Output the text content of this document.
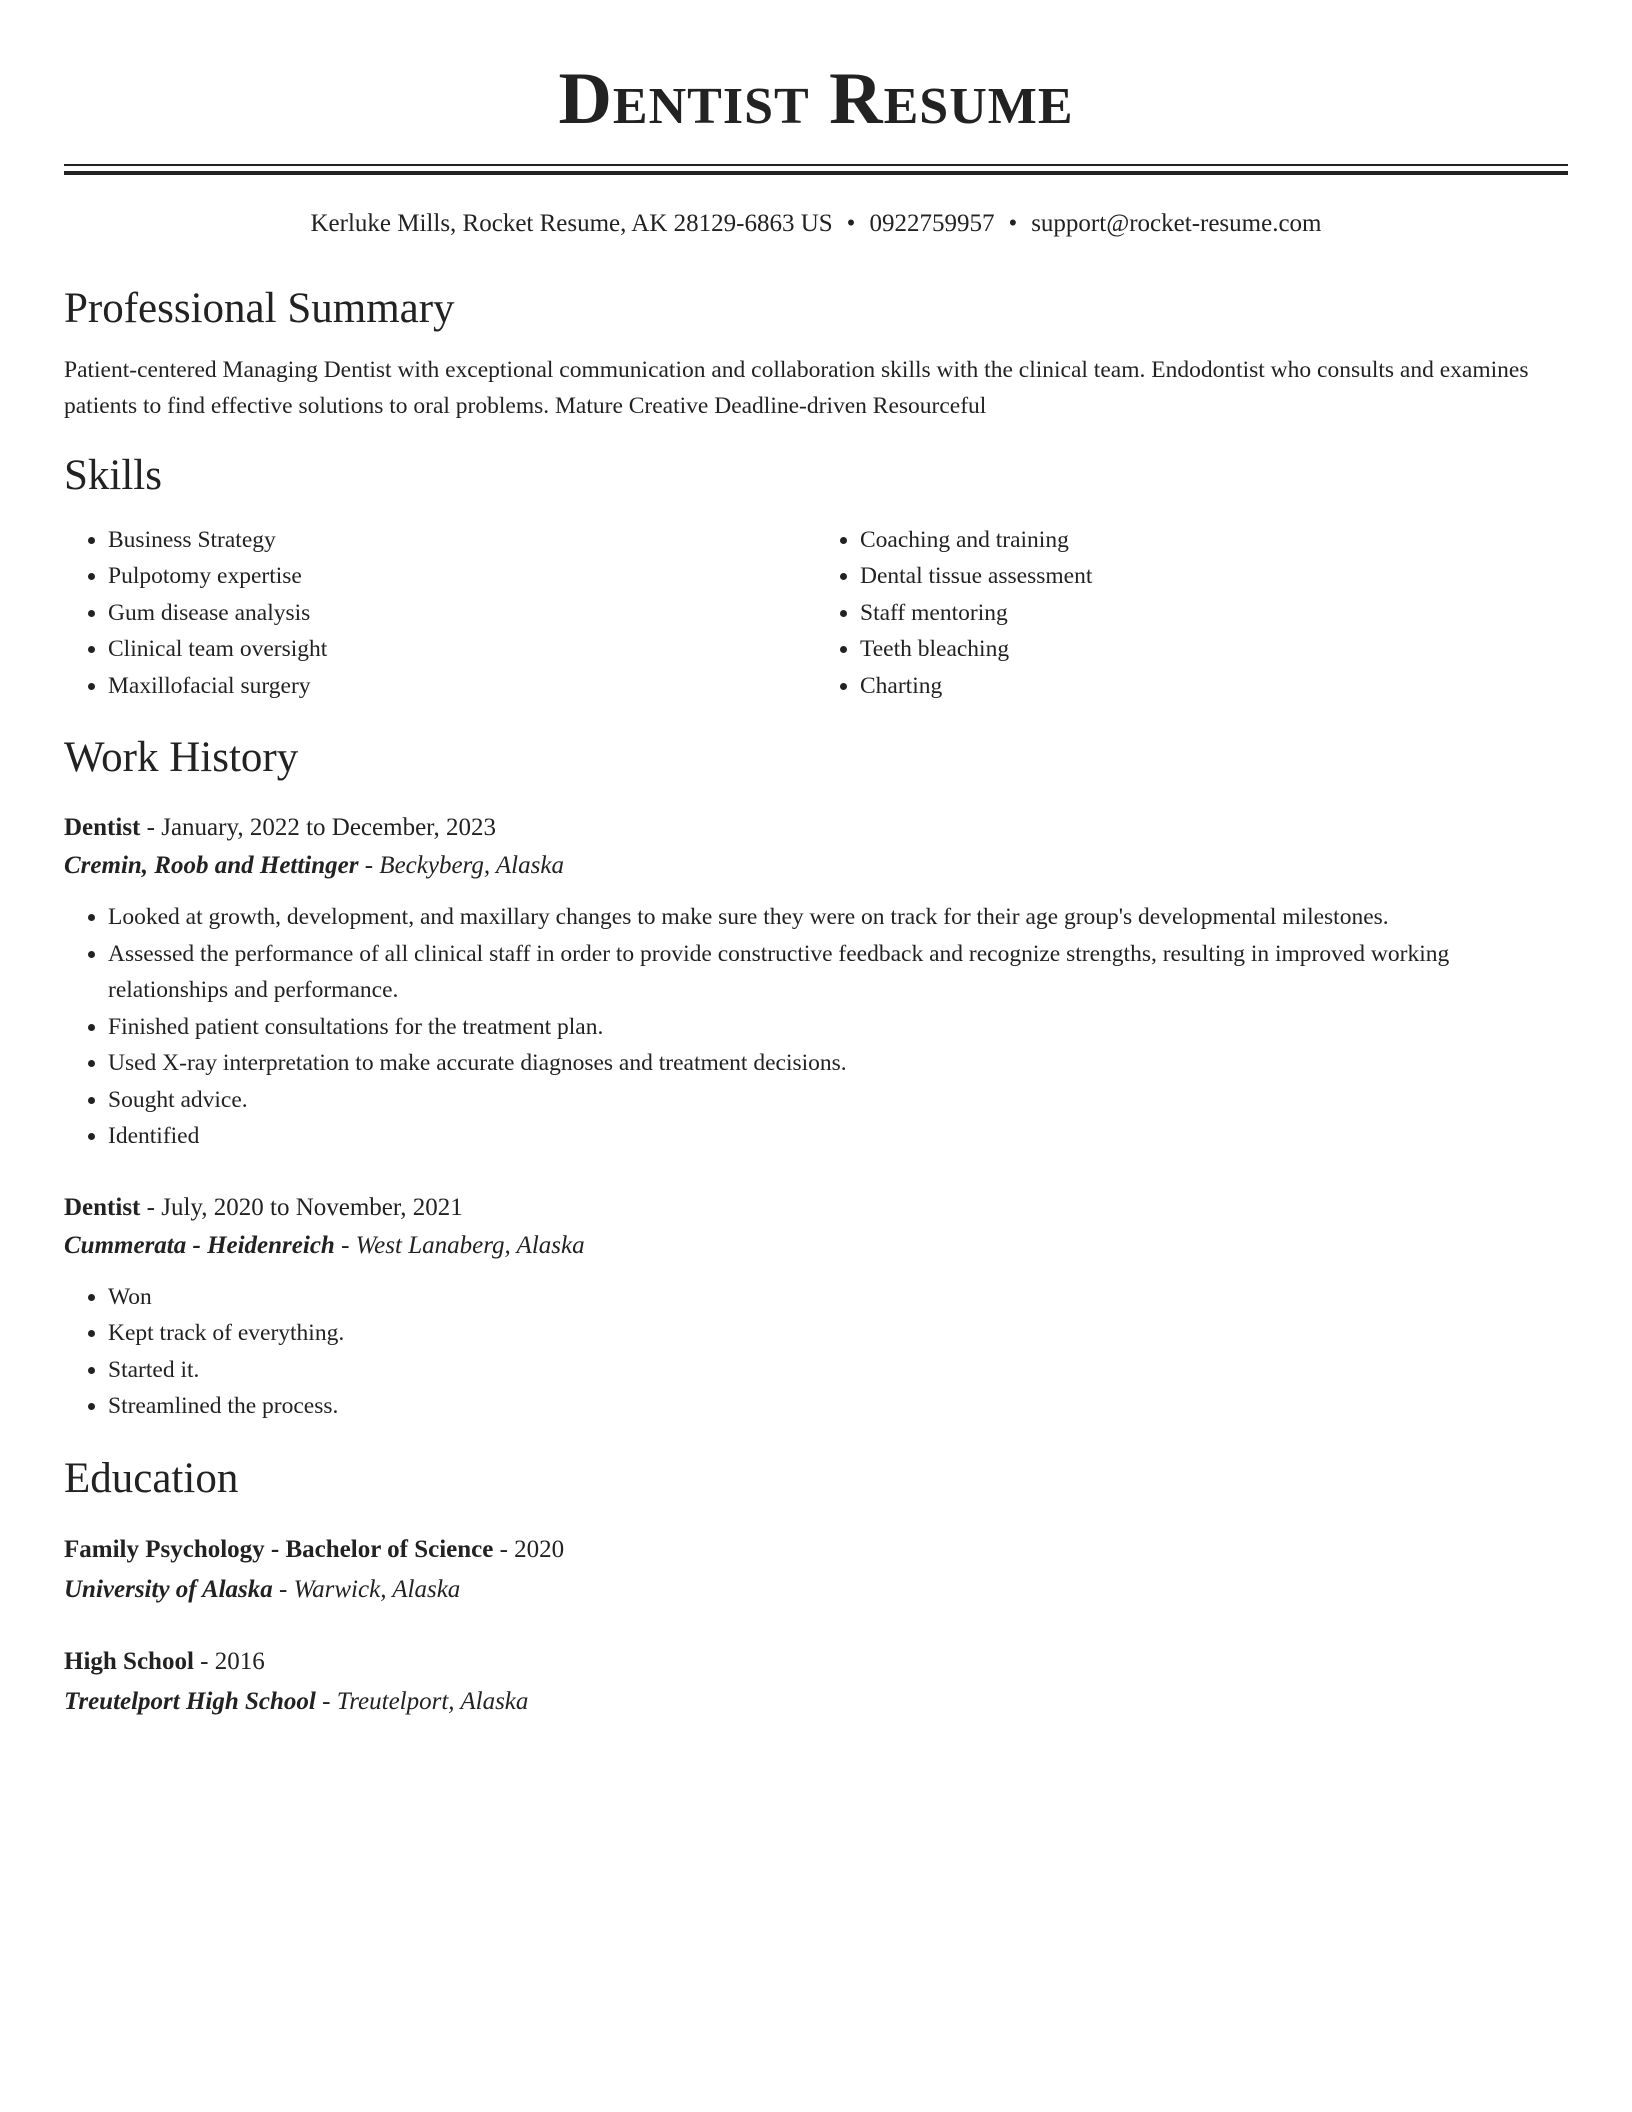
Dentist Resume
Kerluke Mills, Rocket Resume, AK 28129-6863 US • 0922759957 • support@rocket-resume.com
Professional Summary

Patient-centered Managing Dentist with exceptional communication and collaboration skills with the clinical team. Endodontist who consults and examines patients to find effective solutions to oral problems. Mature Creative Deadline-driven Resourceful

Skills
• Business Strategy
• Pulpotomy expertise
• Gum disease analysis
• Clinical team oversight
• Maxillofacial surgery
• Coaching and training
• Dental tissue assessment
• Staff mentoring
• Teeth bleaching
• Charting
Work History
Dentist - January, 2022 to December, 2023
Cremin, Roob and Hettinger - Beckyberg, Alaska
• Looked at growth, development, and maxillary changes to make sure they were on track for their age group's developmental milestones.
• Assessed the performance of all clinical staff in order to provide constructive feedback and recognize strengths, resulting in improved working relationships and performance.
• Finished patient consultations for the treatment plan.
• Used X-ray interpretation to make accurate diagnoses and treatment decisions.
• Sought advice.
• Identified
Dentist - July, 2020 to November, 2021
Cummerata - Heidenreich - West Lanaberg, Alaska
• Won
• Kept track of everything.
• Started it.
• Streamlined the process.
Education
Family Psychology - Bachelor of Science - 2020
University of Alaska - Warwick, Alaska
High School - 2016
Treutelport High School - Treutelport, Alaska
